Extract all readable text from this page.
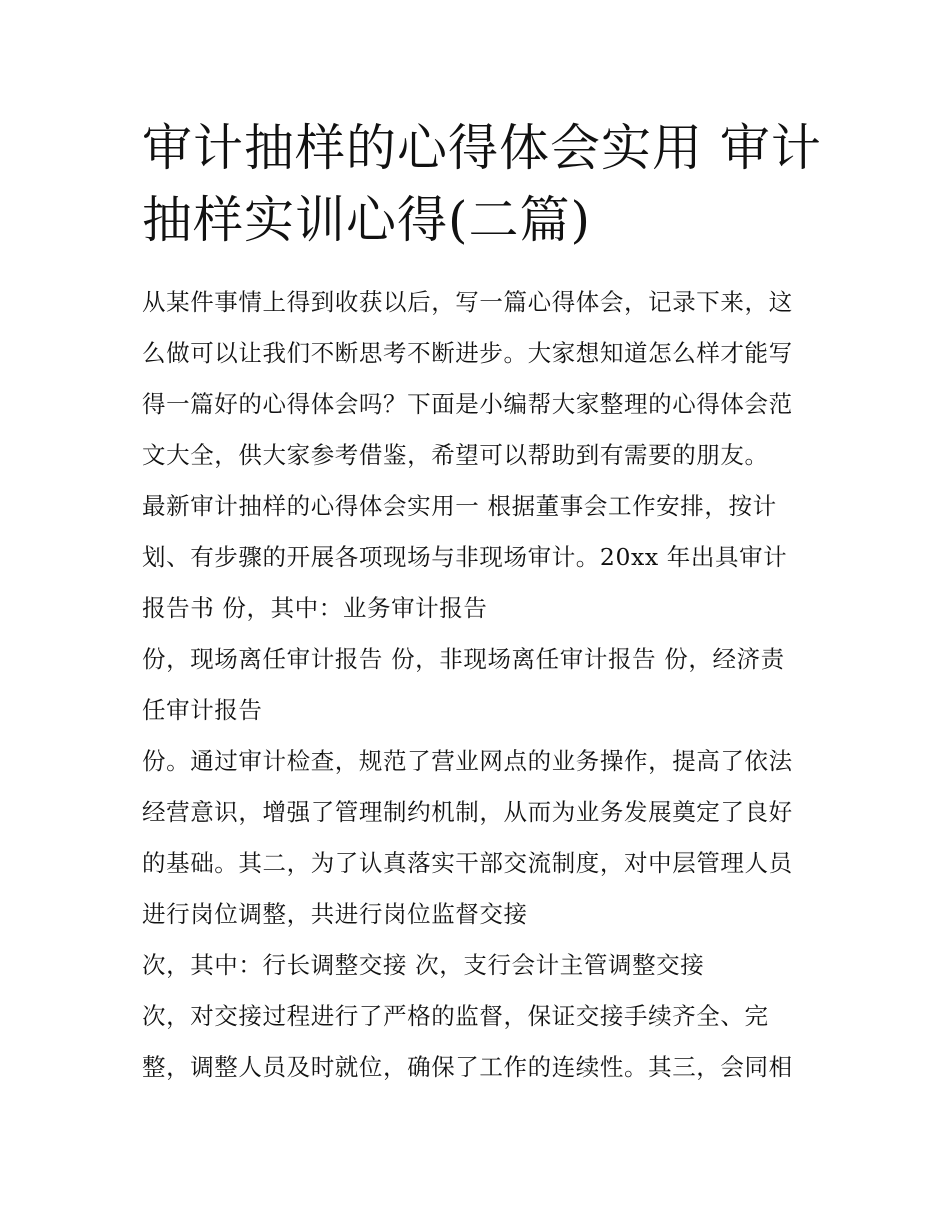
审计抽样的心得体会实用 审计
抽样实训心得(二篇)
从某件事情上得到收获以后，写一篇心得体会，记录下来，这
么做可以让我们不断思考不断进步。大家想知道怎么样才能写
得一篇好的心得体会吗？下面是小编帮大家整理的心得体会范
文大全，供大家参考借鉴，希望可以帮助到有需要的朋友。
最新审计抽样的心得体会实用一 根据董事会工作安排，按计
划、有步骤的开展各项现场与非现场审计。20xx 年出具审计
报告书 份，其中：业务审计报告
份，现场离任审计报告 份，非现场离任审计报告 份，经济责
任审计报告
份。通过审计检查，规范了营业网点的业务操作，提高了依法
经营意识，增强了管理制约机制，从而为业务发展奠定了良好
的基础。其二，为了认真落实干部交流制度，对中层管理人员
进行岗位调整，共进行岗位监督交接
次，其中：行长调整交接 次，支行会计主管调整交接
次，对交接过程进行了严格的监督，保证交接手续齐全、完
整，调整人员及时就位，确保了工作的连续性。其三，会同相
